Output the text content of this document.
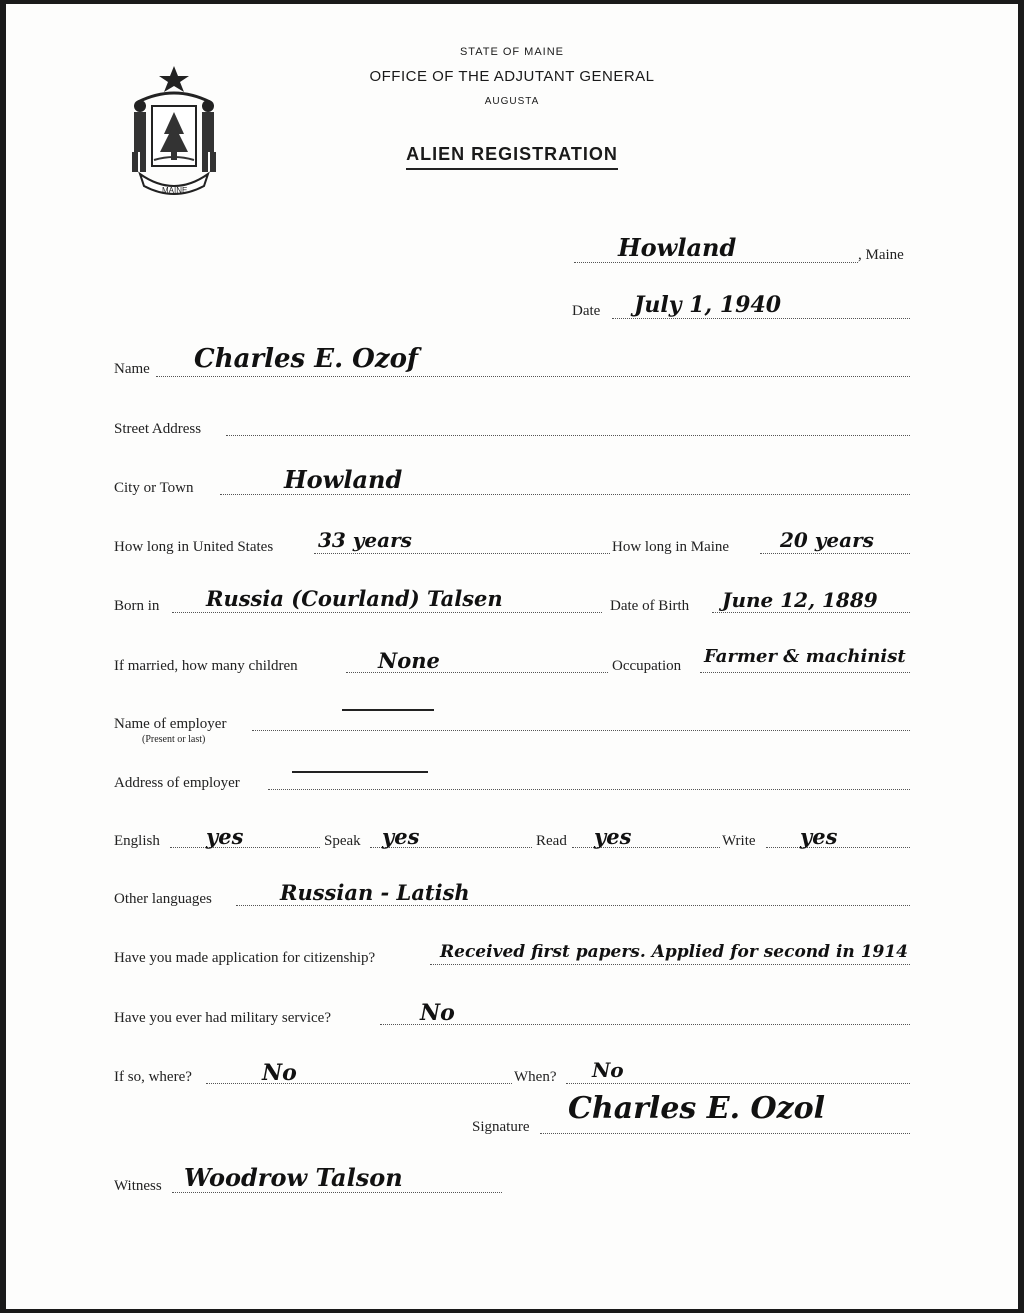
MAINE
STATE OF MAINE
OFFICE OF THE ADJUTANT GENERAL
AUGUSTA
ALIEN REGISTRATION
Howland	, Maine
Date July 1, 1940
Name Charles E. Ozof
Street Address
City or Town	Howland
How long in United States 33 years	How long in Maine	20 years
Born in Russia (Courland) Talsen	Date of Birth June 12, 1889
If married, how many children	None	Occupation Farmer & machinist
Name of employer
(Present or last)
Address of employer
English yes	Speak yes	Read yes	Write yes
Other languages	Russian - Latish
Have you made application for citizenship?	Received first papers. Applied for second in 1914
Have you ever had military service?	No
If so, where?	No	When? No
Signature
Charles E. Ozol
Witness Woodrow Talson
